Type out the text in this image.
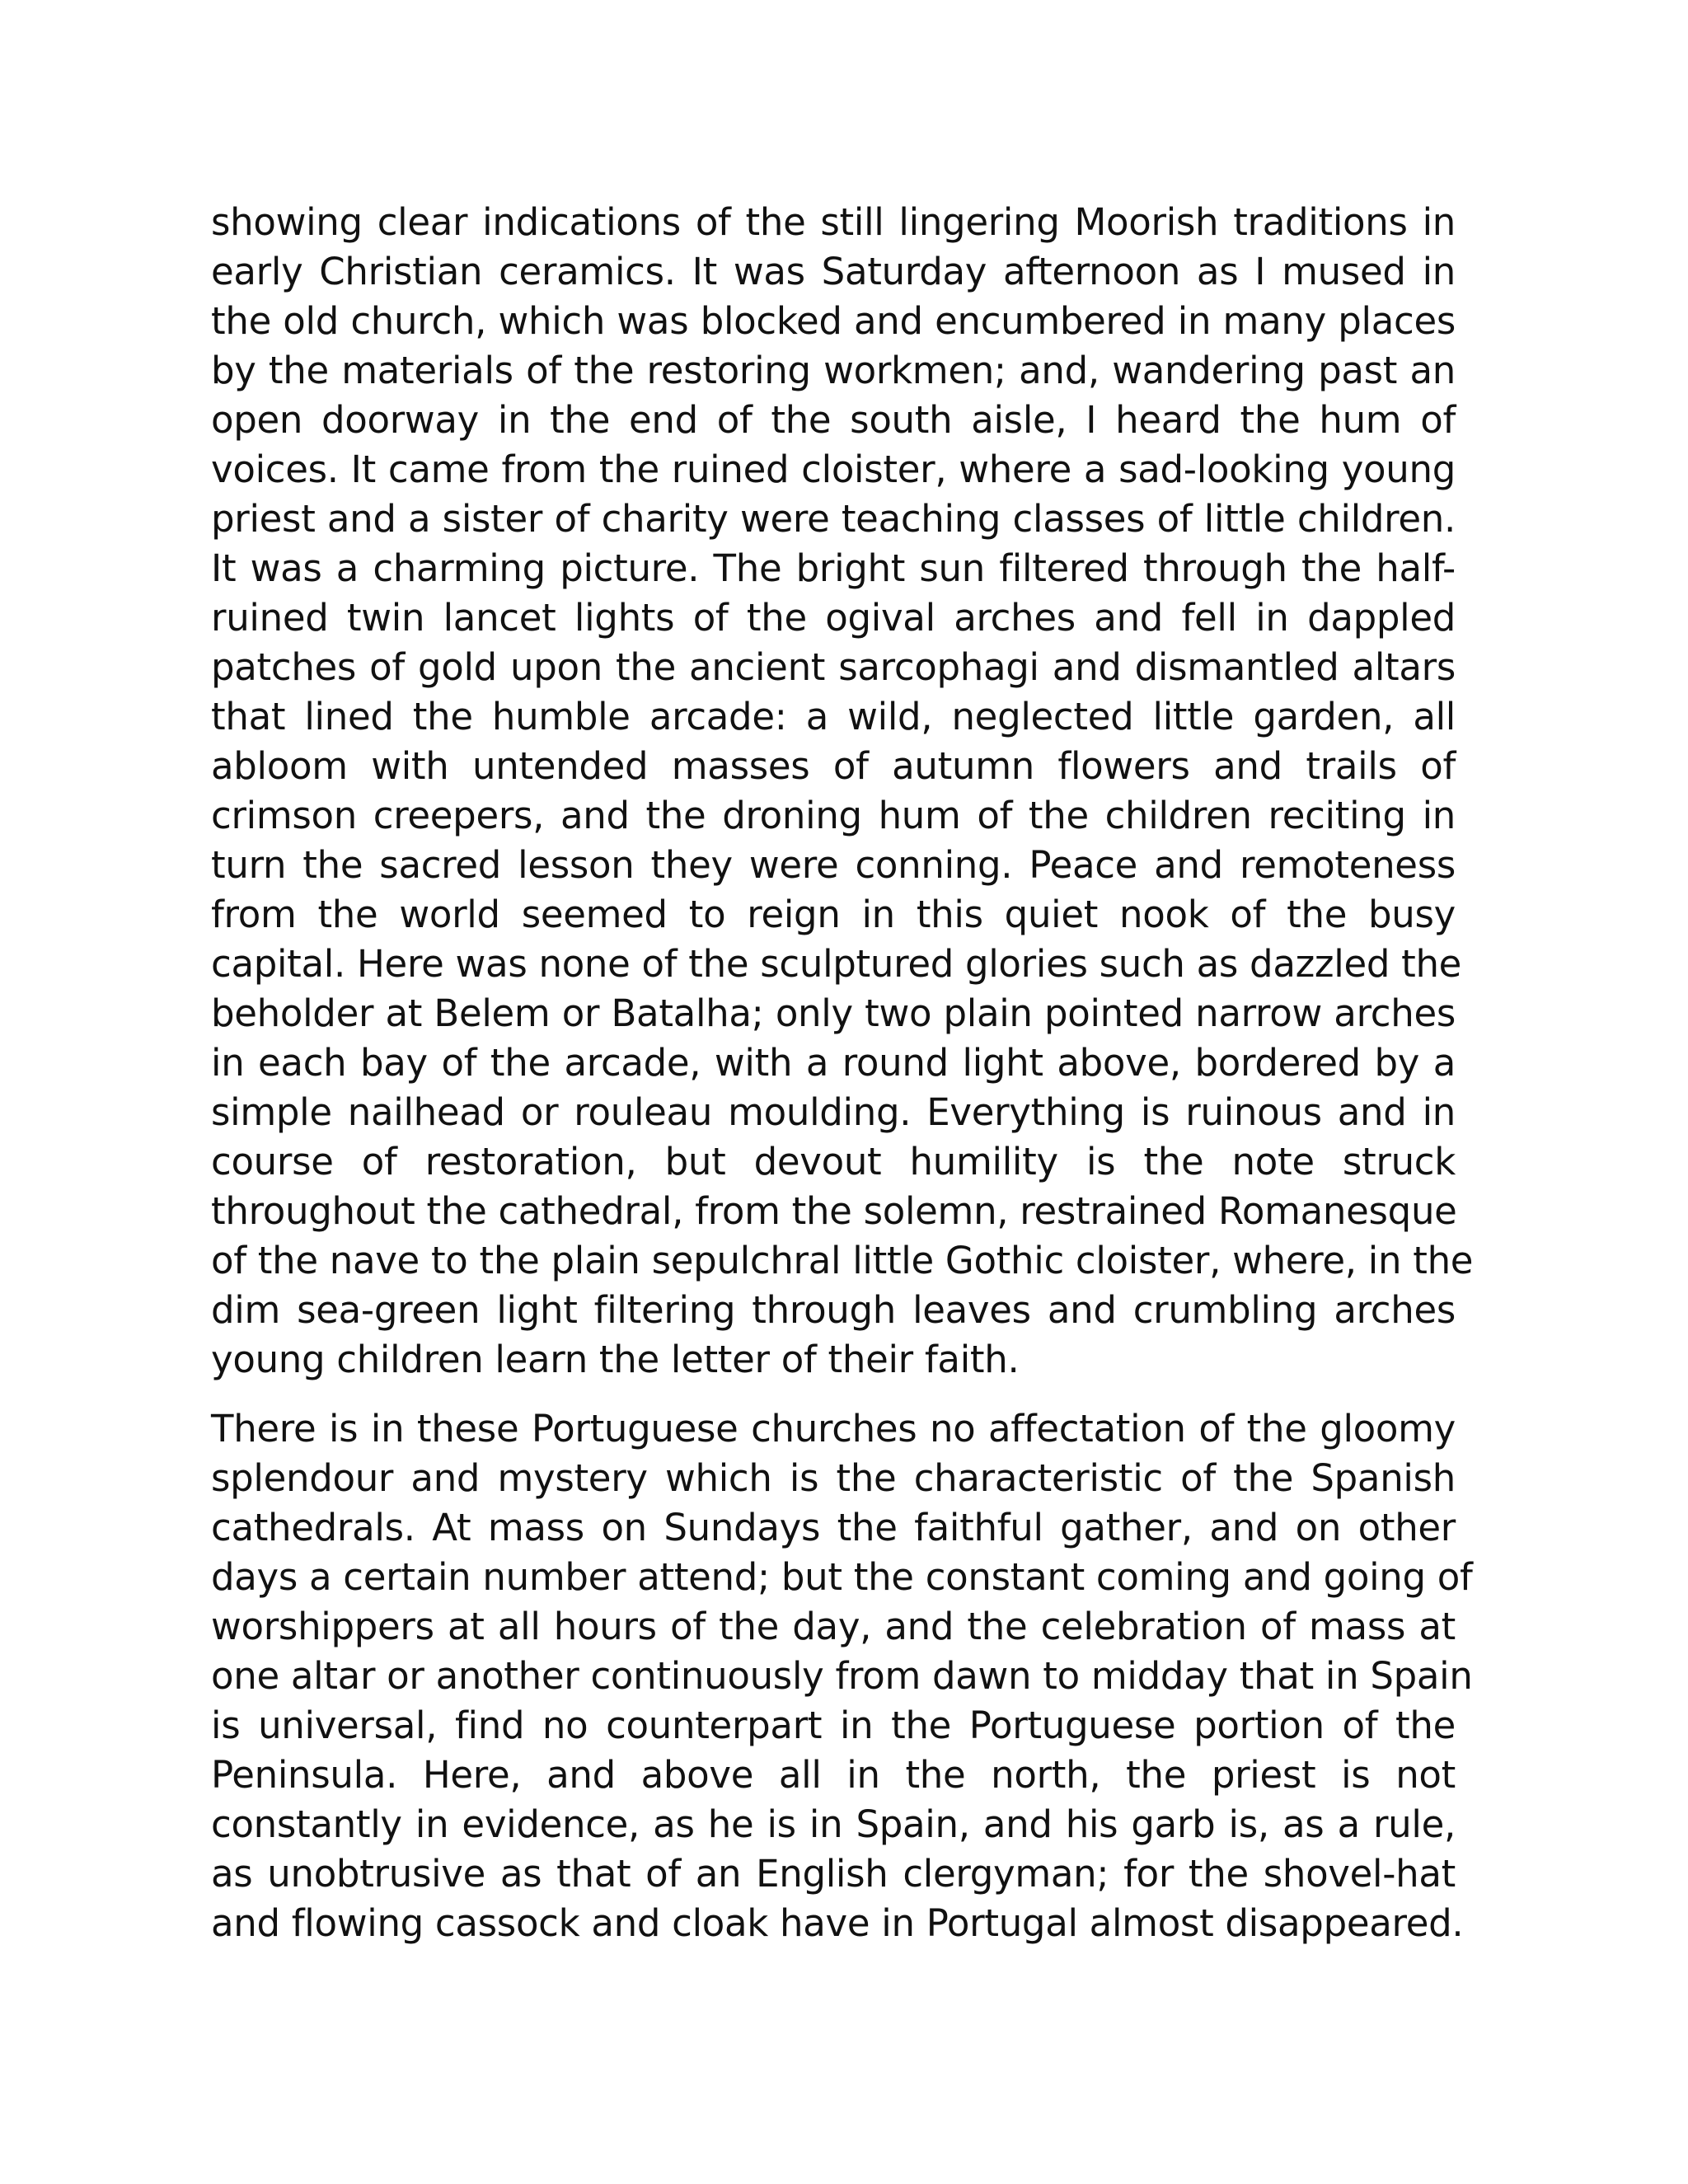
showing clear indications of the still lingering Moorish traditions in
early Christian ceramics. It was Saturday afternoon as I mused in
the old church, which was blocked and encumbered in many places
by the materials of the restoring workmen; and, wandering past an
open doorway in the end of the south aisle, I heard the hum of
voices. It came from the ruined cloister, where a sad-looking young
priest and a sister of charity were teaching classes of little children.
It was a charming picture. The bright sun filtered through the half-
ruined twin lancet lights of the ogival arches and fell in dappled
patches of gold upon the ancient sarcophagi and dismantled altars
that lined the humble arcade: a wild, neglected little garden, all
abloom with untended masses of autumn flowers and trails of
crimson creepers, and the droning hum of the children reciting in
turn the sacred lesson they were conning. Peace and remoteness
from the world seemed to reign in this quiet nook of the busy
capital. Here was none of the sculptured glories such as dazzled the
beholder at Belem or Batalha; only two plain pointed narrow arches
in each bay of the arcade, with a round light above, bordered by a
simple nailhead or rouleau moulding. Everything is ruinous and in
course of restoration, but devout humility is the note struck
throughout the cathedral, from the solemn, restrained Romanesque
of the nave to the plain sepulchral little Gothic cloister, where, in the
dim sea-green light filtering through leaves and crumbling arches
young children learn the letter of their faith.
There is in these Portuguese churches no affectation of the gloomy
splendour and mystery which is the characteristic of the Spanish
cathedrals. At mass on Sundays the faithful gather, and on other
days a certain number attend; but the constant coming and going of
worshippers at all hours of the day, and the celebration of mass at
one altar or another continuously from dawn to midday that in Spain
is universal, find no counterpart in the Portuguese portion of the
Peninsula. Here, and above all in the north, the priest is not
constantly in evidence, as he is in Spain, and his garb is, as a rule,
as unobtrusive as that of an English clergyman; for the shovel-hat
and flowing cassock and cloak have in Portugal almost disappeared.
